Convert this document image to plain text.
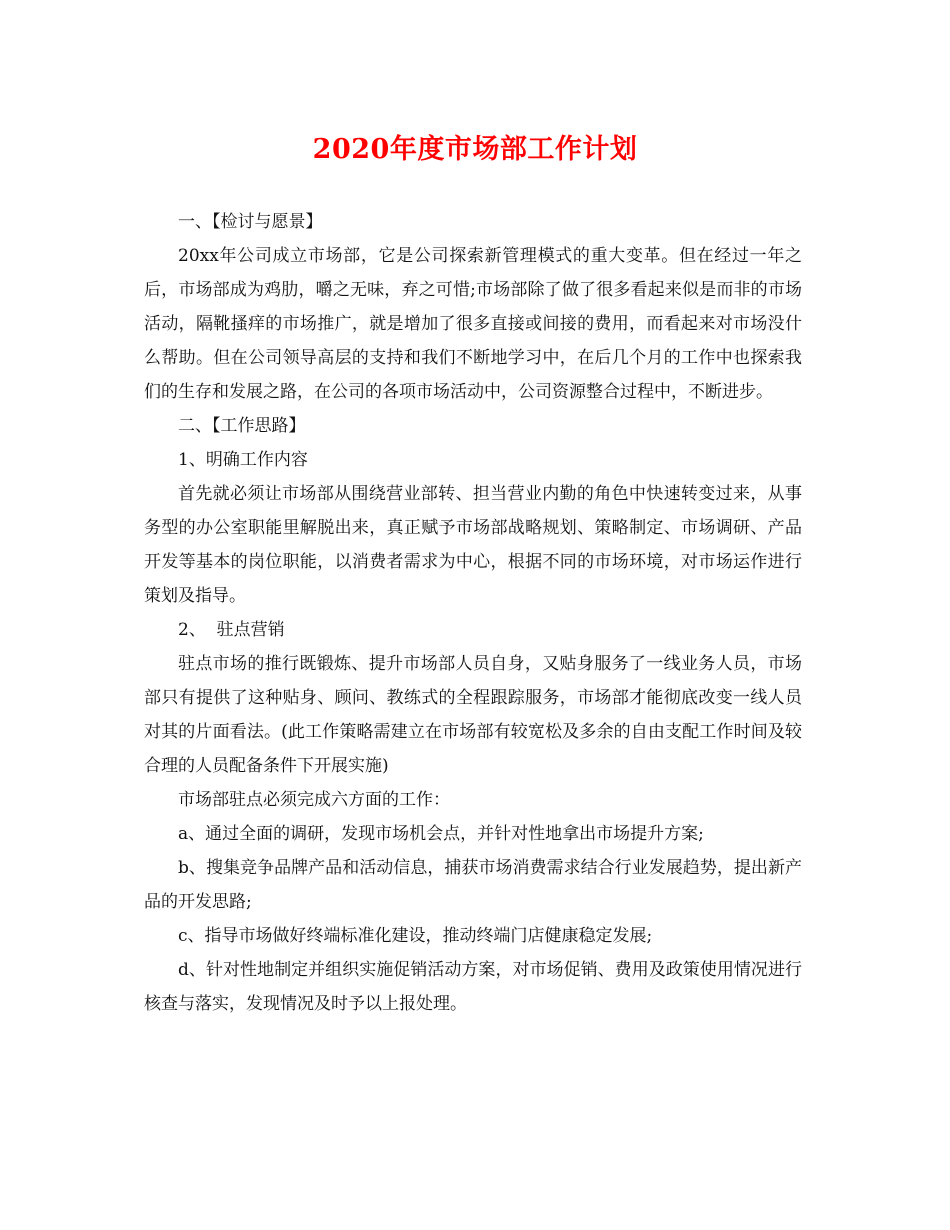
2020年度市场部工作计划

一、【检讨与愿景】

20xx年公司成立市场部，它是公司探索新管理模式的重大变革。但在经过一年之后，市场部成为鸡肋，嚼之无味，弃之可惜;市场部除了做了很多看起来似是而非的市场活动，隔靴搔痒的市场推广，就是增加了很多直接或间接的费用，而看起来对市场没什么帮助。但在公司领导高层的支持和我们不断地学习中，在后几个月的工作中也探索我们的生存和发展之路，在公司的各项市场活动中，公司资源整合过程中，不断进步。

二、【工作思路】

1、明确工作内容

首先就必须让市场部从围绕营业部转、担当营业内勤的角色中快速转变过来，从事务型的办公室职能里解脱出来，真正赋予市场部战略规划、策略制定、市场调研、产品开发等基本的岗位职能，以消费者需求为中心，根据不同的市场环境，对市场运作进行策划及指导。

2、  驻点营销

驻点市场的推行既锻炼、提升市场部人员自身，又贴身服务了一线业务人员，市场部只有提供了这种贴身、顾问、教练式的全程跟踪服务，市场部才能彻底改变一线人员对其的片面看法。(此工作策略需建立在市场部有较宽松及多余的自由支配工作时间及较合理的人员配备条件下开展实施)

市场部驻点必须完成六方面的工作：

a、通过全面的调研，发现市场机会点，并针对性地拿出市场提升方案;

b、搜集竞争品牌产品和活动信息，捕获市场消费需求结合行业发展趋势，提出新产品的开发思路;

c、指导市场做好终端标准化建设，推动终端门店健康稳定发展;

d、针对性地制定并组织实施促销活动方案，对市场促销、费用及政策使用情况进行核查与落实，发现情况及时予以上报处理。
